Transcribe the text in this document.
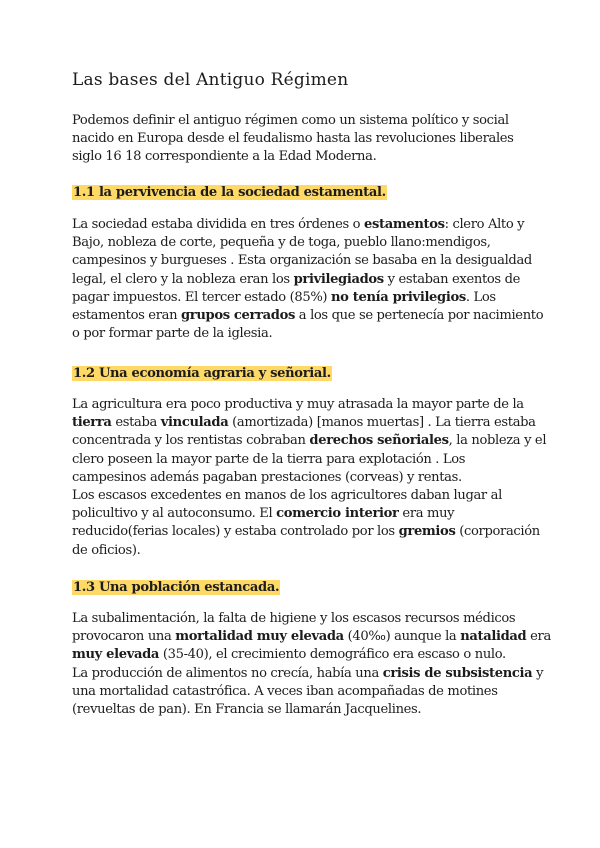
Las bases del Antiguo Régimen

Podemos definir el antiguo régimen como un sistema político y social
nacido en Europa desde el feudalismo hasta las revoluciones liberales
siglo 16 18 correspondiente a la Edad Moderna.

1.1 la pervivencia de la sociedad estamental.

La sociedad estaba dividida en tres órdenes o estamentos: clero Alto y
Bajo, nobleza de corte, pequeña y de toga, pueblo llano:mendigos,
campesinos y burgueses . Esta organización se basaba en la desigualdad
legal, el clero y la nobleza eran los privilegiados y estaban exentos de
pagar impuestos. El tercer estado (85%) no tenía privilegios. Los
estamentos eran grupos cerrados a los que se pertenecía por nacimiento
o por formar parte de la iglesia.

1.2 Una economía agraria y señorial.

La agricultura era poco productiva y muy atrasada la mayor parte de la
tierra estaba vinculada (amortizada) [manos muertas] . La tierra estaba
concentrada y los rentistas cobraban derechos señoriales, la nobleza y el
clero poseen la mayor parte de la tierra para explotación . Los
campesinos además pagaban prestaciones (corveas) y rentas.
Los escasos excedentes en manos de los agricultores daban lugar al
policultivo y al autoconsumo. El comercio interior era muy
reducido(ferias locales) y estaba controlado por los gremios (corporación
de oficios).

1.3 Una población estancada.

La subalimentación, la falta de higiene y los escasos recursos médicos
provocaron una mortalidad muy elevada (40‰) aunque la natalidad era
muy elevada (35-40), el crecimiento demográfico era escaso o nulo.
La producción de alimentos no crecía, había una crisis de subsistencia y
una mortalidad catastrófica. A veces iban acompañadas de motines
(revueltas de pan). En Francia se llamarán Jacquelines.
